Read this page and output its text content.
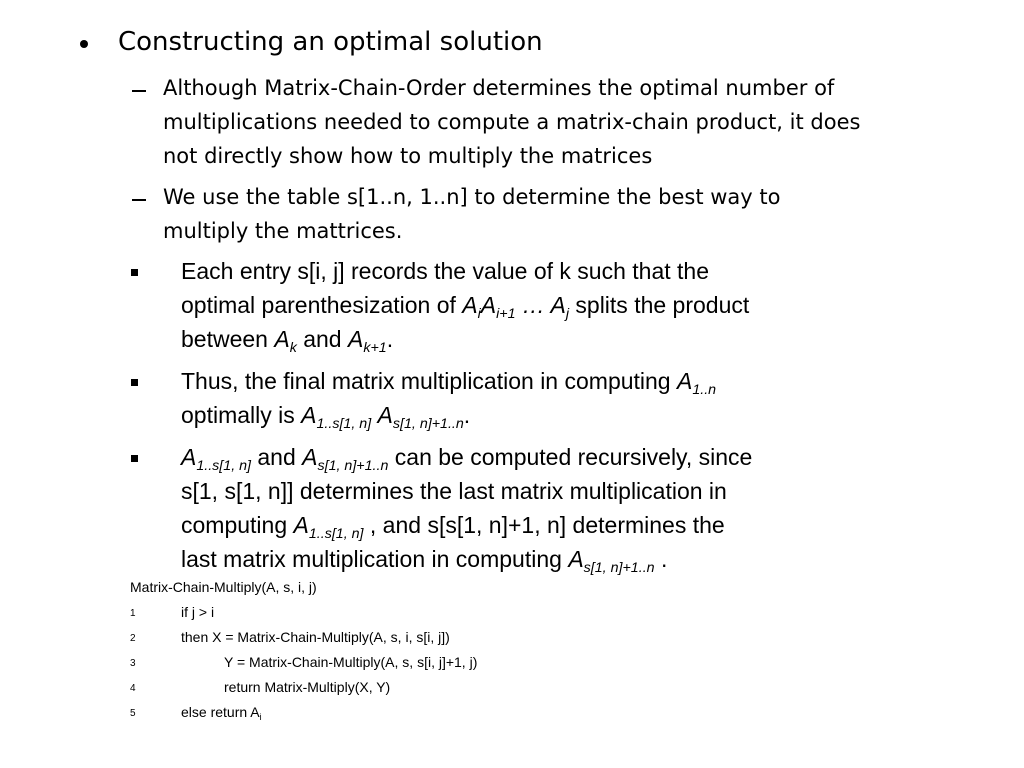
Constructing an optimal solution
Although Matrix-Chain-Order determines the optimal number of
multiplications needed to compute a matrix-chain product, it does
not directly show how to multiply the matrices
We use the table s[1..n, 1..n] to determine the best way to
multiply the mattrices.
Each entry s[i, j] records the value of k such that the
optimal parenthesization of $A_iA_{i+1}$ … $A_j$ splits the product
between $A_k$ and $A_{k+1}$.
Thus, the final matrix multiplication in computing $A_{1..n}$
optimally is $A_{1..s[1, n]}$ $A_{s[1, n]+1..n}$.
$A_{1..s[1, n]}$ and $A_{s[1, n]+1..n}$ can be computed recursively, since
s[1, s[1, n]] determines the last matrix multiplication in
computing $A_{1..s[1, n]}$ , and s[s[1, n]+1, n] determines the
last matrix multiplication in computing $A_{s[1, n]+1..n}$ .
Matrix-Chain-Multiply(A, s, i, j)
1	if j > i
2	then X = Matrix-Chain-Multiply(A, s, i, s[i, j])
3	Y = Matrix-Chain-Multiply(A, s, s[i, j]+1, j)
4	return Matrix-Multiply(X, Y)
5	else return $A_i$
